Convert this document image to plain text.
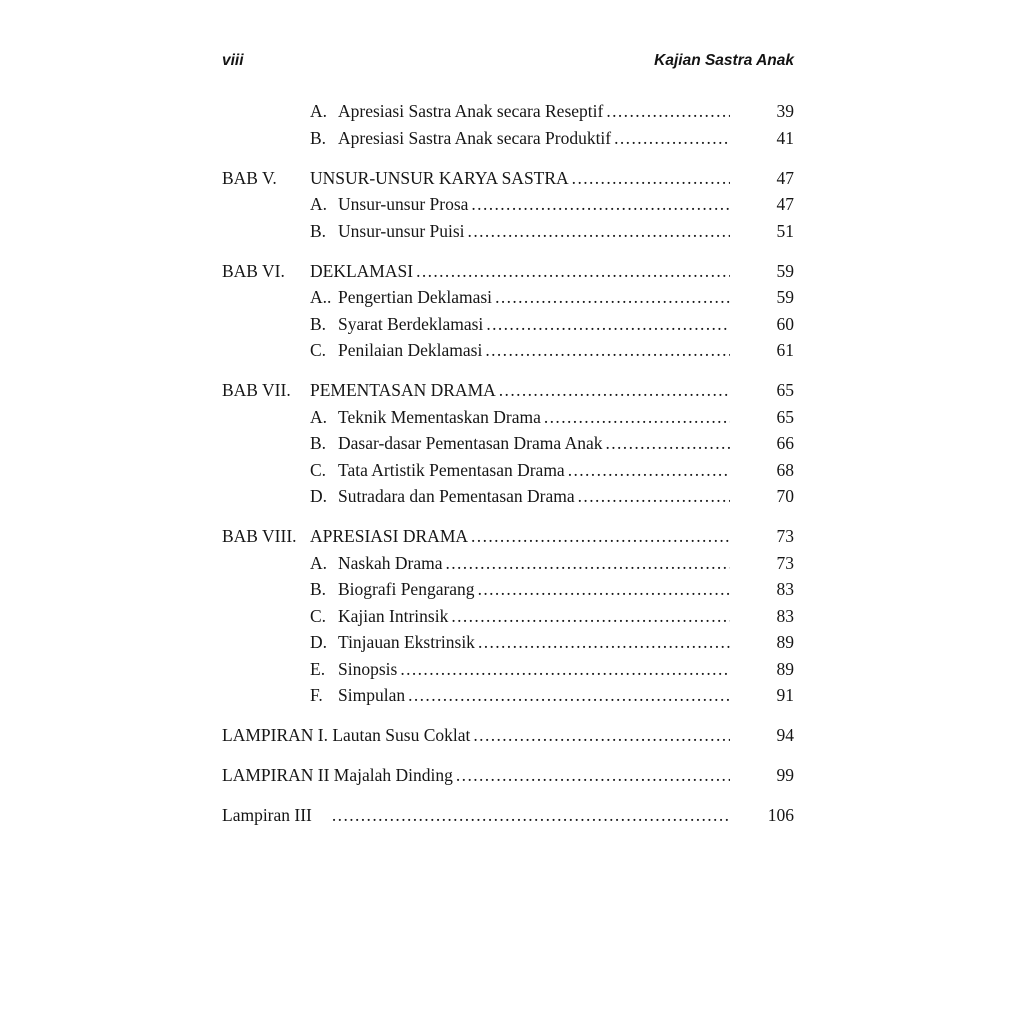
viii	Kajian Sastra Anak
A. Apresiasi Sastra Anak secara Reseptif .....	39
B. Apresiasi Sastra Anak secara Produktif .....	41
BAB V.	UNSUR-UNSUR KARYA SASTRA .....	47
A. Unsur-unsur Prosa .....	47
B. Unsur-unsur Puisi .....	51
BAB VI.	DEKLAMASI .....	59
A.. Pengertian Deklamasi .....	59
B. Syarat Berdeklamasi .....	60
C. Penilaian Deklamasi .....	61
BAB VII.	PEMENTASAN DRAMA .....	65
A. Teknik Mementaskan Drama .....	65
B. Dasar-dasar Pementasan Drama Anak .....	66
C. Tata Artistik Pementasan Drama .....	68
D. Sutradara dan Pementasan Drama .....	70
BAB VIII. APRESIASI DRAMA .....	73
A. Naskah Drama .....	73
B. Biografi Pengarang .....	83
C. Kajian Intrinsik .....	83
D. Tinjauan Ekstrinsik .....	89
E. Sinopsis .....	89
F. Simpulan .....	91
LAMPIRAN I. Lautan Susu Coklat .....	94
LAMPIRAN II Majalah Dinding .....	99
Lampiran III .....	106
